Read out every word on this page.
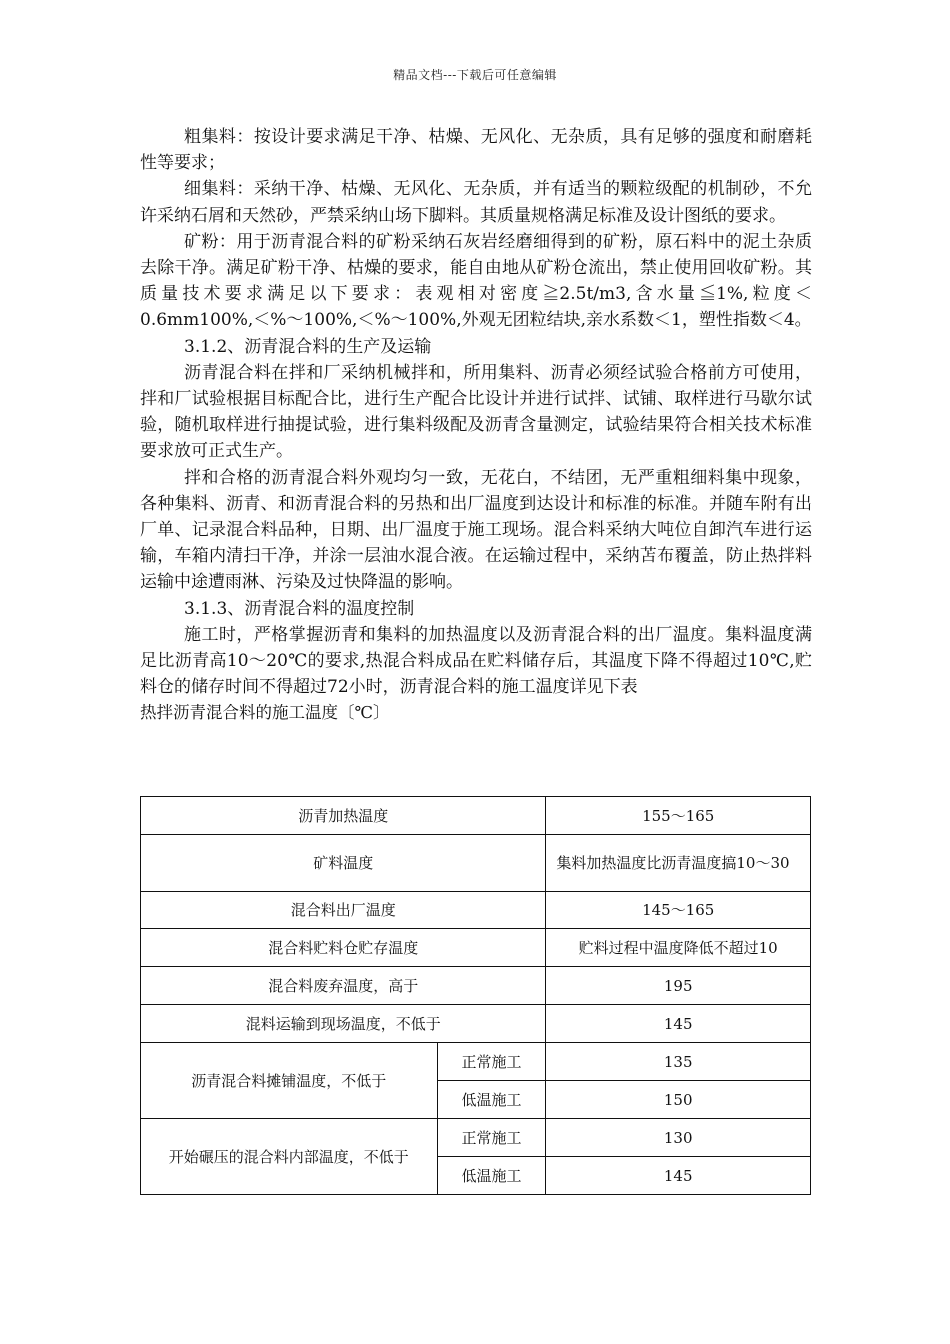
精品文档---下载后可任意编辑

粗集料：按设计要求满足干净、枯燥、无风化、无杂质，具有足够的强度和耐磨耗性等要求；

细集料：采纳干净、枯燥、无风化、无杂质，并有适当的颗粒级配的机制砂，不允许采纳石屑和天然砂，严禁采纳山场下脚料。其质量规格满足标准及设计图纸的要求。

矿粉：用于沥青混合料的矿粉采纳石灰岩经磨细得到的矿粉，原石料中的泥土杂质去除干净。满足矿粉干净、枯燥的要求，能自由地从矿粉仓流出，禁止使用回收矿粉。其质量技术要求满足以下要求：表观相对密度≧2.5t/m3,含水量≦1%,粒度＜0.6mm100%,＜%～100%,＜%～100%,外观无团粒结块,亲水系数＜1，塑性指数＜4。

3.1.2、沥青混合料的生产及运输

沥青混合料在拌和厂采纳机械拌和，所用集料、沥青必须经试验合格前方可使用，拌和厂试验根据目标配合比，进行生产配合比设计并进行试拌、试铺、取样进行马歇尔试验，随机取样进行抽提试验，进行集料级配及沥青含量测定，试验结果符合相关技术标准要求放可正式生产。

拌和合格的沥青混合料外观均匀一致，无花白，不结团，无严重粗细料集中现象，各种集料、沥青、和沥青混合料的另热和出厂温度到达设计和标准的标准。并随车附有出厂单、记录混合料品种，日期、出厂温度于施工现场。混合料采纳大吨位自卸汽车进行运输，车箱内清扫干净，并涂一层油水混合液。在运输过程中，采纳苫布覆盖，防止热拌料运输中途遭雨淋、污染及过快降温的影响。

3.1.3、沥青混合料的温度控制

施工时，严格掌握沥青和集料的加热温度以及沥青混合料的出厂温度。集料温度满足比沥青高10～20℃的要求,热混合料成品在贮料储存后，其温度下降不得超过10℃,贮料仓的储存时间不得超过72小时，沥青混合料的施工温度详见下表

热拌沥青混合料的施工温度〔℃〕

沥青加热温度		155～165
矿料温度		集料加热温度比沥青温度搞10～30
混合料出厂温度		145～165
混合料贮料仓贮存温度		贮料过程中温度降低不超过10
混合料废弃温度，高于		195
混料运输到现场温度，不低于		145
沥青混合料摊铺温度，不低于	正常施工	135
	低温施工	150
开始碾压的混合料内部温度，不低于	正常施工	130
	低温施工	145
